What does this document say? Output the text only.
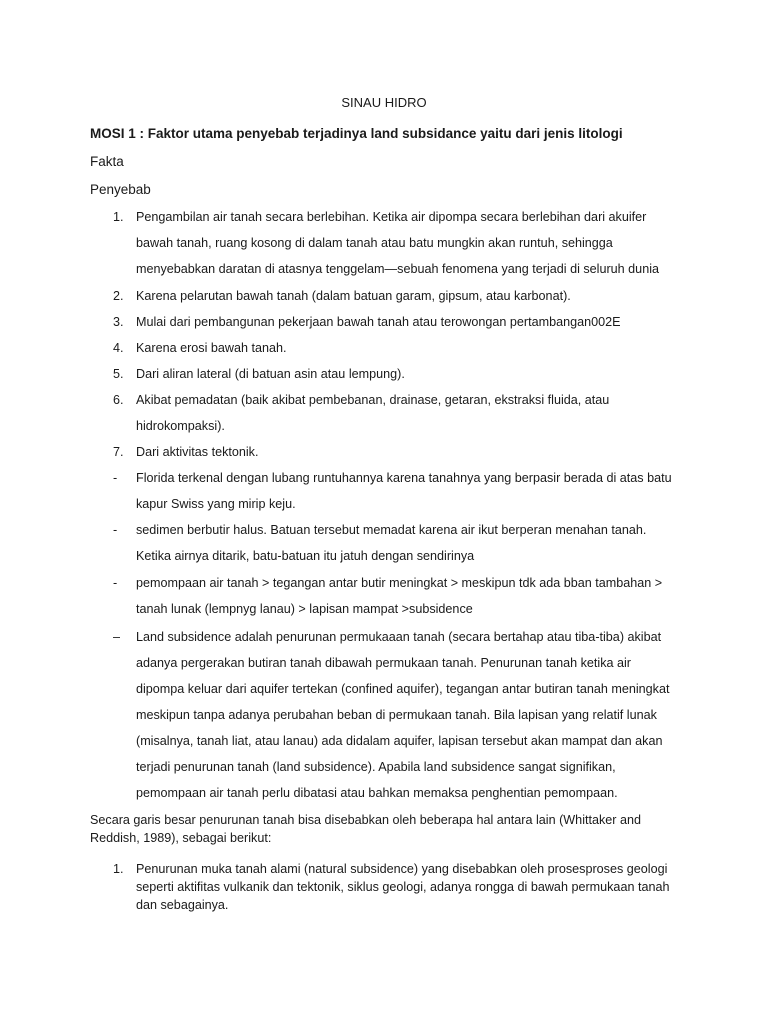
SINAU HIDRO
MOSI 1 : Faktor utama penyebab terjadinya land subsidance yaitu dari jenis litologi
Fakta
Penyebab
1. Pengambilan air tanah secara berlebihan. Ketika air dipompa secara berlebihan dari akuifer
bawah tanah, ruang kosong di dalam tanah atau batu mungkin akan runtuh, sehingga
menyebabkan daratan di atasnya tenggelam—sebuah fenomena yang terjadi di seluruh dunia
2. Karena pelarutan bawah tanah (dalam batuan garam, gipsum, atau karbonat).
3. Mulai dari pembangunan pekerjaan bawah tanah atau terowongan pertambangan002E
4. Karena erosi bawah tanah.
5. Dari aliran lateral (di batuan asin atau lempung).
6. Akibat pemadatan (baik akibat pembebanan, drainase, getaran, ekstraksi fluida, atau
hidrokompaksi).
7. Dari aktivitas tektonik.
- Florida terkenal dengan lubang runtuhannya karena tanahnya yang berpasir berada di atas batu
kapur Swiss yang mirip keju.
- sedimen berbutir halus. Batuan tersebut memadat karena air ikut berperan menahan tanah.
Ketika airnya ditarik, batu-batuan itu jatuh dengan sendirinya
- pemompaan air tanah > tegangan antar butir meningkat > meskipun tdk ada bban tambahan >
tanah lunak (lempnyg lanau) > lapisan mampat >subsidence
– Land subsidence adalah penurunan permukaaan tanah (secara bertahap atau tiba-tiba) akibat
adanya pergerakan butiran tanah dibawah permukaan tanah. Penurunan tanah ketika air
dipompa keluar dari aquifer tertekan (confined aquifer), tegangan antar butiran tanah meningkat
meskipun tanpa adanya perubahan beban di permukaan tanah. Bila lapisan yang relatif lunak
(misalnya, tanah liat, atau lanau) ada didalam aquifer, lapisan tersebut akan mampat dan akan
terjadi penurunan tanah (land subsidence). Apabila land subsidence sangat signifikan,
pemompaan air tanah perlu dibatasi atau bahkan memaksa penghentian pemompaan.
Secara garis besar penurunan tanah bisa disebabkan oleh beberapa hal antara lain (Whittaker and
Reddish, 1989), sebagai berikut:
1. Penurunan muka tanah alami (natural subsidence) yang disebabkan oleh prosesproses geologi
seperti aktifitas vulkanik dan tektonik, siklus geologi, adanya rongga di bawah permukaan tanah
dan sebagainya.
